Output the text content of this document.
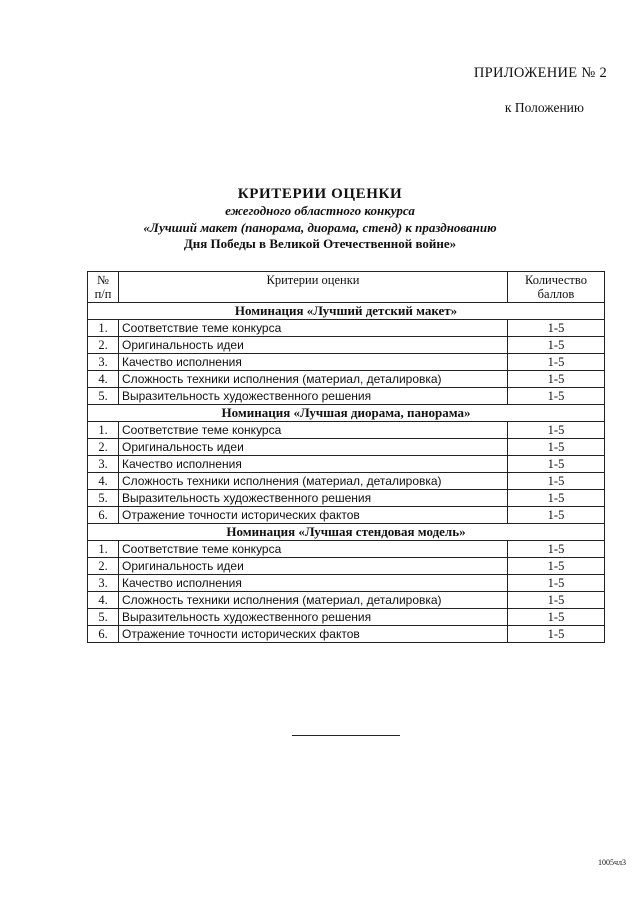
ПРИЛОЖЕНИЕ № 2
к Положению
КРИТЕРИИ ОЦЕНКИ
ежегодного областного конкурса
«Лучший макет (панорама, диорама, стенд) к празднованию
Дня Победы в Великой Отечественной войне»
№ п/п	Критерии оценки	Количество баллов
Номинация «Лучший детский макет»		
1.	Соответствие теме конкурса	1-5
2.	Оригинальность идеи	1-5
3.	Качество исполнения	1-5
4.	Сложность техники исполнения (материал, деталировка)	1-5
5.	Выразительность художественного решения	1-5
Номинация «Лучшая диорама, панорама»		
1.	Соответствие теме конкурса	1-5
2.	Оригинальность идеи	1-5
3.	Качество исполнения	1-5
4.	Сложность техники исполнения (материал, деталировка)	1-5
5.	Выразительность художественного решения	1-5
6.	Отражение точности исторических фактов	1-5
Номинация «Лучшая стендовая модель»		
1.	Соответствие теме конкурса	1-5
2.	Оригинальность идеи	1-5
3.	Качество исполнения	1-5
4.	Сложность техники исполнения (материал, деталировка)	1-5
5.	Выразительность художественного решения	1-5
6.	Отражение точности исторических фактов	1-5
1005чл3
